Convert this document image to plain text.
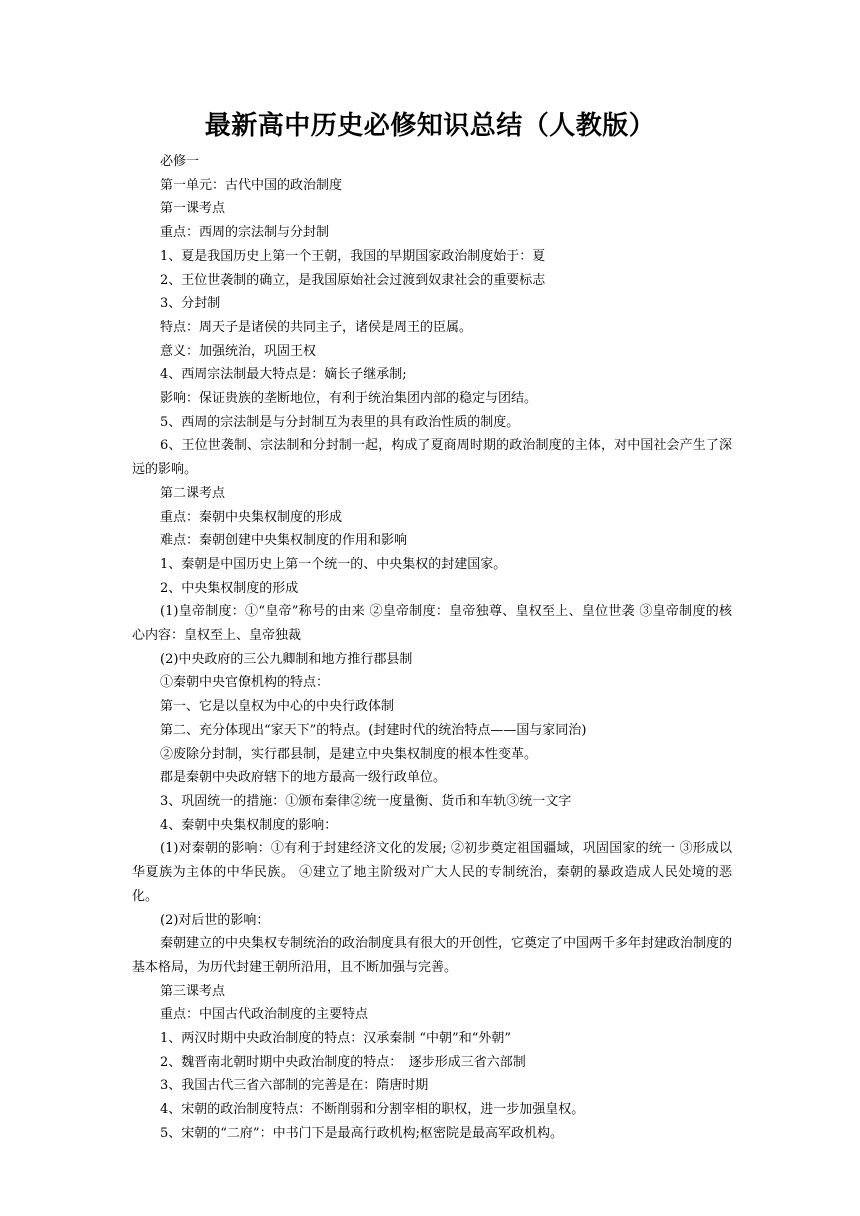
最新高中历史必修知识总结（人教版）

必修一

第一单元：古代中国的政治制度

第一课考点

重点：西周的宗法制与分封制

1、夏是我国历史上第一个王朝，我国的早期国家政治制度始于：夏

2、王位世袭制的确立，是我国原始社会过渡到奴隶社会的重要标志

3、分封制

特点：周天子是诸侯的共同主子，诸侯是周王的臣属。

意义：加强统治，巩固王权

4、西周宗法制最大特点是：嫡长子继承制;

影响：保证贵族的垄断地位，有利于统治集团内部的稳定与团结。

5、西周的宗法制是与分封制互为表里的具有政治性质的制度。

6、王位世袭制、宗法制和分封制一起，构成了夏商周时期的政治制度的主体，对中国社会产生了深远的影响。

第二课考点

重点：秦朝中央集权制度的形成

难点：秦朝创建中央集权制度的作用和影响

1、秦朝是中国历史上第一个统一的、中央集权的封建国家。

2、中央集权制度的形成

(1)皇帝制度：①“皇帝”称号的由来 ②皇帝制度：皇帝独尊、皇权至上、皇位世袭 ③皇帝制度的核心内容：皇权至上、皇帝独裁

(2)中央政府的三公九卿制和地方推行郡县制

①秦朝中央官僚机构的特点：

第一、它是以皇权为中心的中央行政体制

第二、充分体现出“家天下”的特点。(封建时代的统治特点——国与家同治)

②废除分封制，实行郡县制，是建立中央集权制度的根本性变革。

郡是秦朝中央政府辖下的地方最高一级行政单位。

3、巩固统一的措施：①颁布秦律②统一度量衡、货币和车轨③统一文字

4、秦朝中央集权制度的影响：

(1)对秦朝的影响：①有利于封建经济文化的发展; ②初步奠定祖国疆域，巩固国家的统一 ③形成以华夏族为主体的中华民族。 ④建立了地主阶级对广大人民的专制统治，秦朝的暴政造成人民处境的恶化。

(2)对后世的影响：

秦朝建立的中央集权专制统治的政治制度具有很大的开创性，它奠定了中国两千多年封建政治制度的基本格局，为历代封建王朝所沿用，且不断加强与完善。

第三课考点

重点：中国古代政治制度的主要特点

1、两汉时期中央政治制度的特点：汉承秦制 “中朝”和“外朝”

2、魏晋南北朝时期中央政治制度的特点：　逐步形成三省六部制

3、我国古代三省六部制的完善是在：隋唐时期

4、宋朝的政治制度特点：不断削弱和分割宰相的职权，进一步加强皇权。

5、宋朝的“二府”：中书门下是最高行政机构;枢密院是最高军政机构。
